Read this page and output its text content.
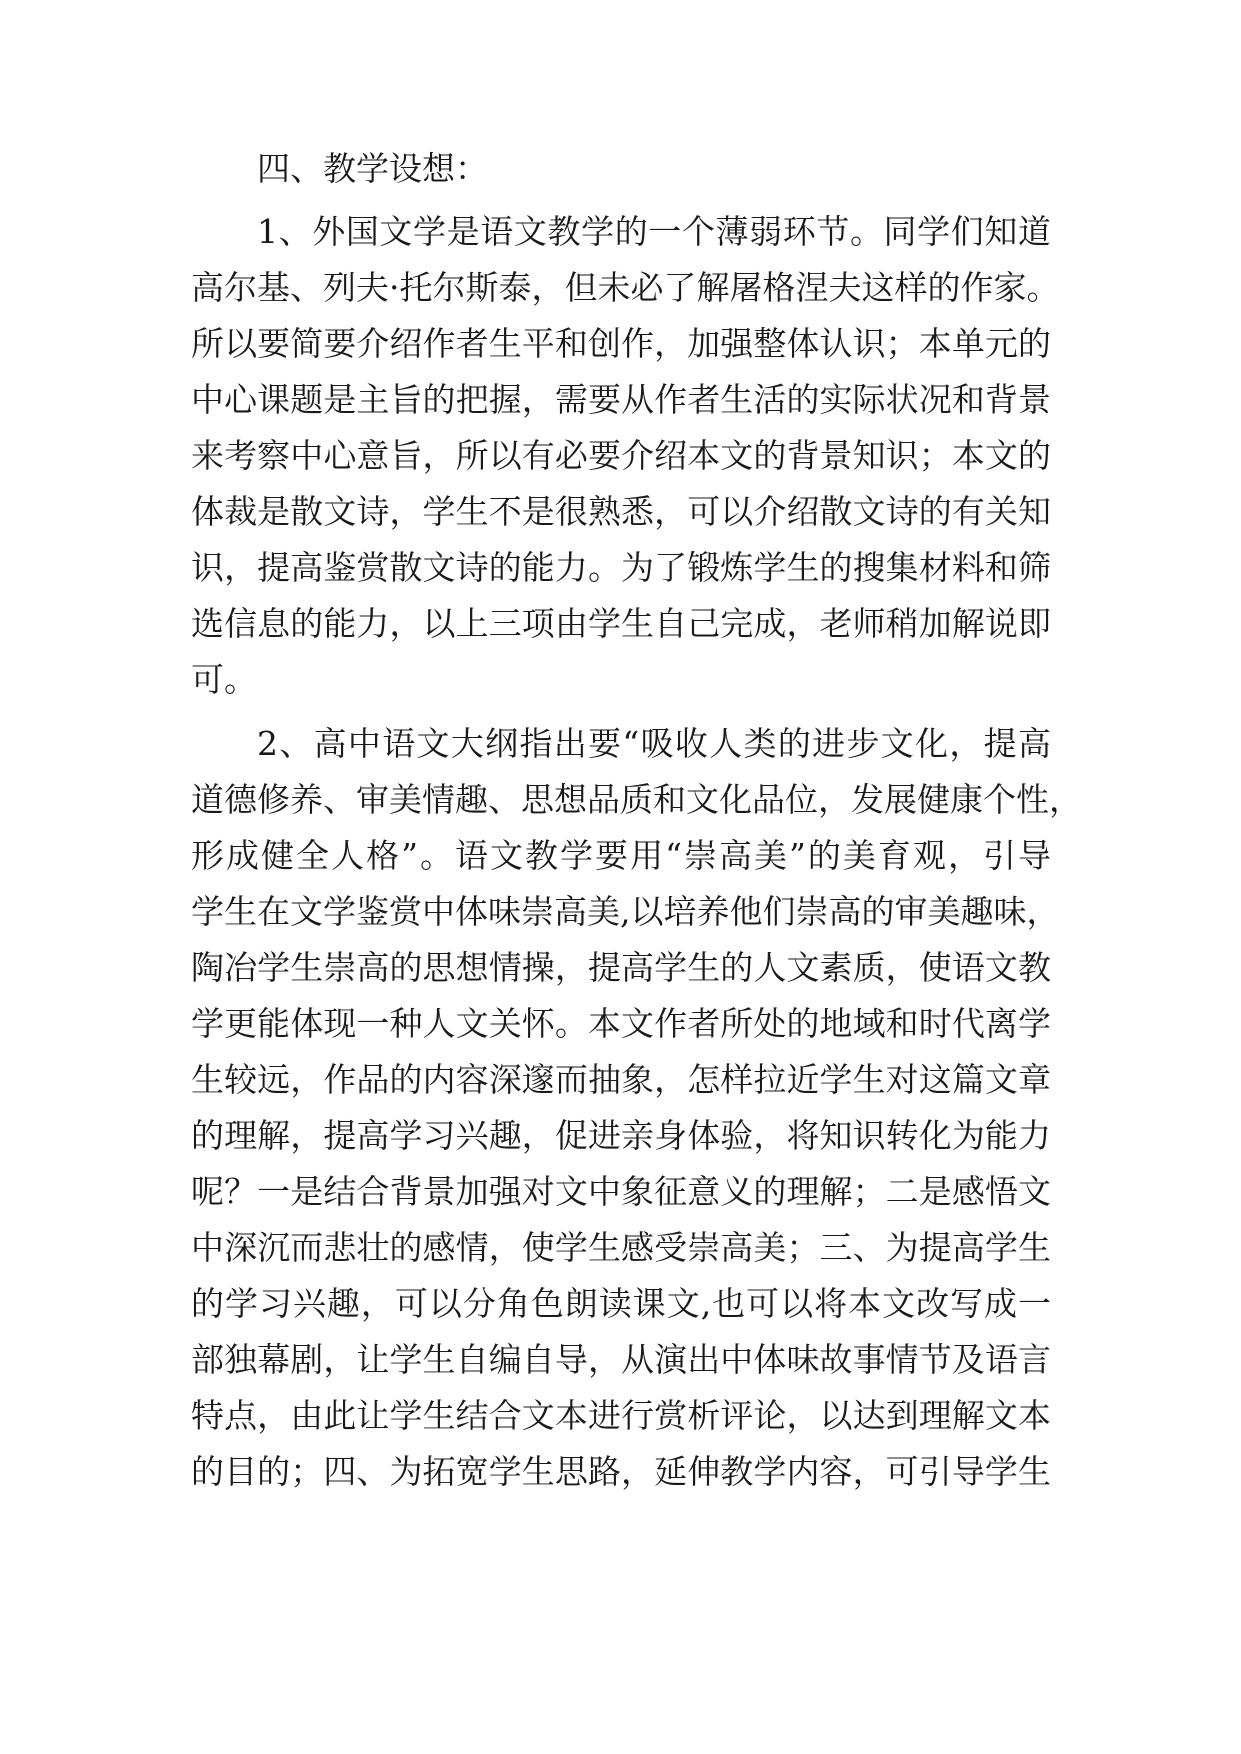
四、教学设想：
1、外国文学是语文教学的一个薄弱环节。同学们知道
高尔基、列夫·托尔斯泰，但未必了解屠格涅夫这样的作家。
所以要简要介绍作者生平和创作，加强整体认识；本单元的
中心课题是主旨的把握，需要从作者生活的实际状况和背景
来考察中心意旨，所以有必要介绍本文的背景知识；本文的
体裁是散文诗，学生不是很熟悉，可以介绍散文诗的有关知
识，提高鉴赏散文诗的能力。为了锻炼学生的搜集材料和筛
选信息的能力，以上三项由学生自己完成，老师稍加解说即
可。
2、高中语文大纲指出要“吸收人类的进步文化，提高
道德修养、审美情趣、思想品质和文化品位，发展健康个性，
形成健全人格”。语文教学要用“崇高美”的美育观，引导
学生在文学鉴赏中体味崇高美,以培养他们崇高的审美趣味，
陶冶学生崇高的思想情操，提高学生的人文素质，使语文教
学更能体现一种人文关怀。本文作者所处的地域和时代离学
生较远，作品的内容深邃而抽象，怎样拉近学生对这篇文章
的理解，提高学习兴趣，促进亲身体验，将知识转化为能力
呢？一是结合背景加强对文中象征意义的理解；二是感悟文
中深沉而悲壮的感情，使学生感受崇高美；三、为提高学生
的学习兴趣，可以分角色朗读课文,也可以将本文改写成一
部独幕剧，让学生自编自导，从演出中体味故事情节及语言
特点，由此让学生结合文本进行赏析评论，以达到理解文本
的目的；四、为拓宽学生思路，延伸教学内容，可引导学生
